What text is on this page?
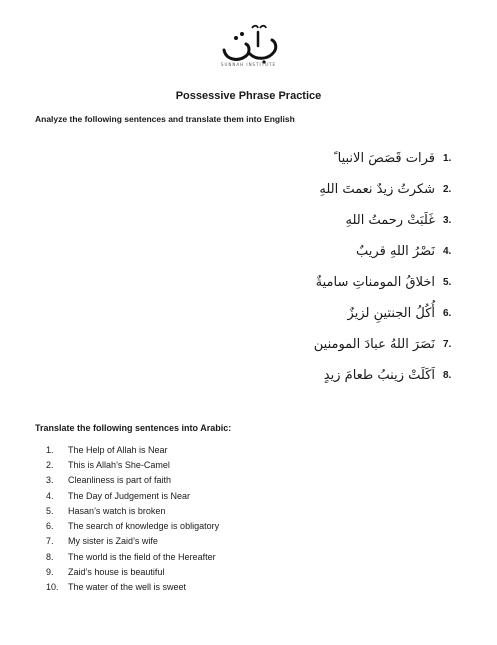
SUNNAH INSTITUTE
Possessive Phrase Practice
Analyze the following sentences and translate them into English
قرات قَصَصَ الانبيا ً 1.
شكرتُ زيدٌ نعمتَ اللهِ 2.
غَلَبَتْ رحمتُ اللهِ 3.
نَصْرُ اللهِ قريبٌ 4.
اخلاقُ المومناتِ ساميةٌ 5.
أُكُلُ الجنتينِ لزيزٌ 6.
نَصَرَ اللهُ عبادَ المومنين 7.
اَكَلَتْ زينبُ طعامَ زيدٍ 8.
Translate the following sentences into Arabic:
1.	The Help of Allah is Near
2.	This is Allah’s She-Camel
3.	Cleanliness is part of faith
4.	The Day of Judgement is Near
5.	Hasan’s watch is broken
6.	The search of knowledge is obligatory
7.	My sister is Zaid’s wife
8.	The world is the field of the Hereafter
9.	Zaid’s house is beautiful
10.	The water of the well is sweet
